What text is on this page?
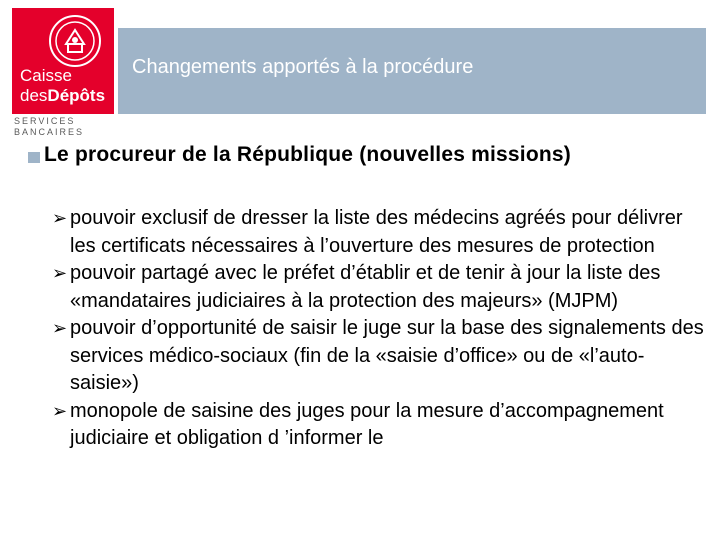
Caisse
desDépôts
SERVICES
BANCAIRES
Changements apportés à la procédure
Le procureur de la République (nouvelles missions)
➢ pouvoir exclusif de dresser la liste des médecins agréés pour délivrer les certificats nécessaires à l’ouverture des mesures de protection
➢ pouvoir partagé avec le préfet d’établir et de tenir à jour la liste des «mandataires judiciaires à la protection des majeurs» (MJPM)
➢ pouvoir d’opportunité de saisir le juge sur la base des signalements des services médico-sociaux (fin de la «saisie d’office» ou de «l’auto-saisie»)
➢ monopole de saisine des juges pour la mesure d’accompagnement judiciaire et obligation d ’informer le
